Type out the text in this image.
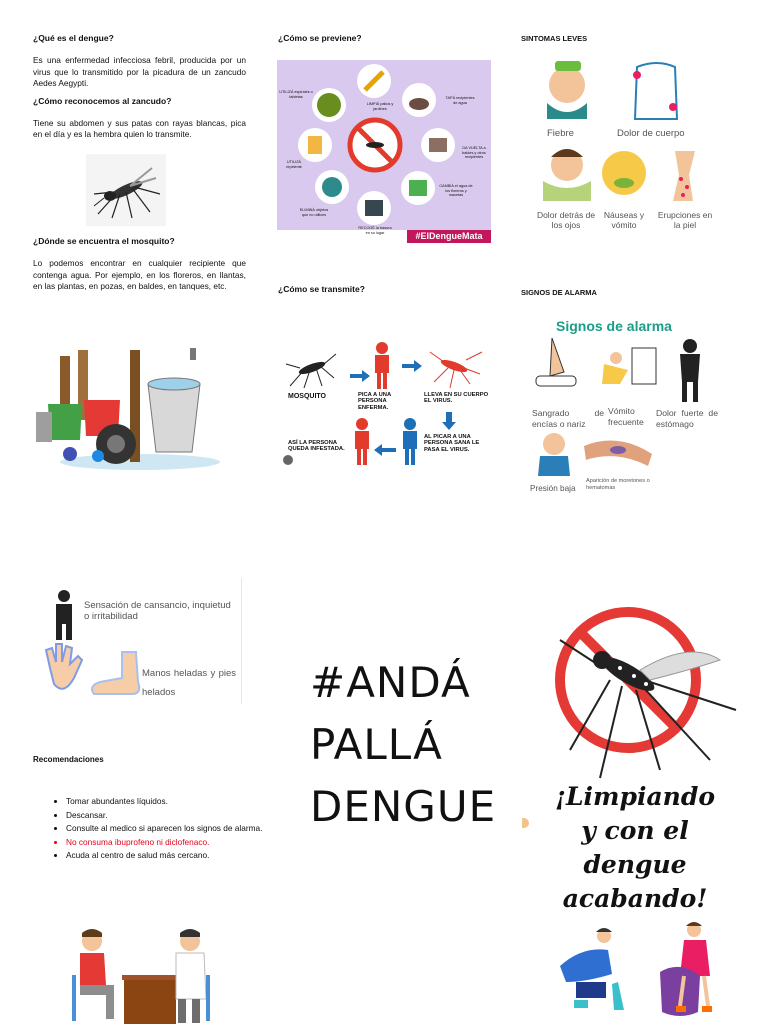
¿Qué es el dengue?

Es una enfermedad infecciosa febril, producida por un virus que lo transmitido por la picadura de un zancudo Aedes Aegypti.

¿Cómo reconocemos al zancudo?

Tiene su abdomen y sus patas con rayas blancas, pica en el día y es la hembra quien lo transmite.

¿Dónde se encuentra el mosquito?

Lo podemos encontrar en cualquier recipiente que contenga agua. Por ejemplo, en los floreros, en llantas, en las plantas, en pozas, en baldes, en tanques, etc.

¿Cómo se previene?

UTILIZÁ espirales o tabletas
LIMPIÁ patios y jardines
TAPÁ recipientes de agua
DA VUELTA a baldes y otros recipientes
CAMBIÁ el agua de los floreros y macetas
RECOGÉ la basura en su lugar
ELIMINÁ objetos que no utilices
UTILIZÁ repelente
#ElDengueMata

¿Cómo se transmite?

MOSQUITO	PICA A UNA PERSONA ENFERMA.
LLEVA EN SU CUERPO EL VIRUS.
AL PICAR A UNA PERSONA SANA LE PASA EL VIRUS.
ASÍ LA PERSONA QUEDA INFESTADA.

SINTOMAS LEVES

Fiebre	Dolor de cuerpo
Dolor detrás de los ojos
Náuseas y vómito
Erupciones en la piel

SIGNOS DE ALARMA

Signos de alarma
Sangrado de encías o nariz
Vómito frecuente
Dolor fuerte de estómago
Presión baja
Aparición de moretones o hematomas
Sensación de cansancio, inquietud o irritabilidad
Manos heladas y pies helados

Recomendaciones

• Tomar abundantes líquidos.
• Descansar.
• Consulte al medico si aparecen los signos de alarma.
• No consuma ibuprofeno ni diclofenaco.
• Acuda al centro de salud más cercano.
#ANDÁ
PALLÁ
DENGUE	¡Limpiando
y con el
dengue
acabando!
